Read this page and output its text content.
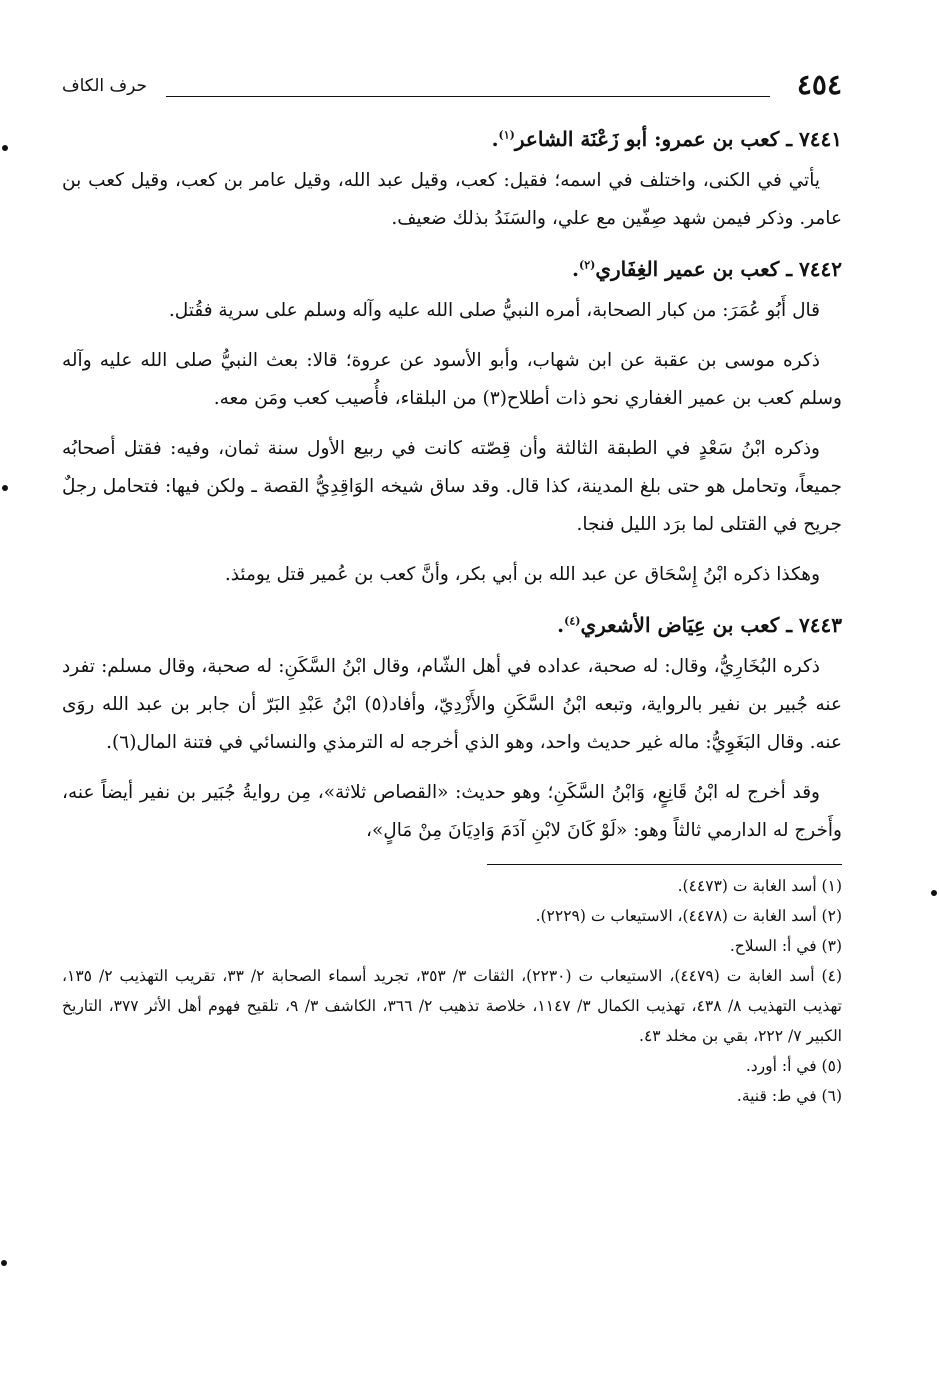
٤٥٤
حرف الكاف
٧٤٤١ ـ كعب بن عمرو: أبو زَعْنَة الشاعر$^{(١)}$.

يأتي في الكنى، واختلف في اسمه؛ فقيل: كعب، وقيل عبد الله، وقيل عامر بن كعب، وقيل كعب بن عامر. وذكر فيمن شهد صِفّين مع علي، والسَنَدُ بذلك ضعيف.

٧٤٤٢ ـ كعب بن عمير الغِفَاري$^{(٢)}$.

قال أَبُو عُمَرَ: من كبار الصحابة، أمره النبيُّ صلى الله عليه وآله وسلم على سرية فقُتل.

ذكره موسى بن عقبة عن ابن شهاب، وأبو الأسود عن عروة؛ قالا: بعث النبيُّ صلى الله عليه وآله وسلم كعب بن عمير الغفاري نحو ذات أطلاح(٣) من البلقاء، فأُصيب كعب ومَن معه.

وذكره ابْنُ سَعْدٍ في الطبقة الثالثة وأن قِصّته كانت في ربيع الأول سنة ثمان، وفيه: فقتل أصحابُه جميعاً، وتحامل هو حتى بلغ المدينة، كذا قال. وقد ساق شيخه الوَاقِدِيُّ القصة ـ ولكن فيها: فتحامل رجلٌ جريح في القتلى لما برَد الليل فنجا.

وهكذا ذكره ابْنُ إِسْحَاق عن عبد الله بن أبي بكر، وأنَّ كعب بن عُمير قتل يومئذ.

٧٤٤٣ ـ كعب بن عِيَاض الأشعري$^{(٤)}$.

ذكره البُخَارِيُّ، وقال: له صحبة، عداده في أهل الشّام، وقال ابْنُ السَّكَنِ: له صحبة، وقال مسلم: تفرد عنه جُبير بن نفير بالرواية، وتبعه ابْنُ السَّكَنِ والأَزْدِيّ، وأفاد(٥) ابْنُ عَبْدِ البَرّ أن جابر بن عبد الله روَى عنه. وقال البَغَوِيُّ: ماله غير حديث واحد، وهو الذي أخرجه له الترمذي والنسائي في فتنة المال(٦).

وقد أخرج له ابْنُ قَانِعٍ، وَابْنُ السَّكَنِ؛ وهو حديث: «القصاص ثلاثة»، مِن روايةُ جُبَير بن نفير أيضاً عنه، وأَخرج له الدارمي ثالثاً وهو: «لَوْ كَانَ لابْنِ آدَمَ وَادِيَانَ مِنْ مَالٍ»،

(١) أسد الغابة ت (٤٤٧٣).

(٢) أسد الغابة ت (٤٤٧٨)، الاستيعاب ت (٢٢٢٩).

(٣) في أ: السلاح.

(٤) أسد الغابة ت (٤٤٧٩)، الاستيعاب ت (٢٢٣٠)، الثقات ٣/ ٣٥٣، تجريد أسماء الصحابة ٢/ ٣٣، تقريب التهذيب ٢/ ١٣٥، تهذيب التهذيب ٨/ ٤٣٨، تهذيب الكمال ٣/ ١١٤٧، خلاصة تذهيب ٢/ ٣٦٦، الكاشف ٣/ ٩، تلقيح فهوم أهل الأثر ٣٧٧، التاريخ الكبير ٧/ ٢٢٢، بقي بن مخلد ٤٣.

(٥) في أ: أورد.

(٦) في ط: قنية.
